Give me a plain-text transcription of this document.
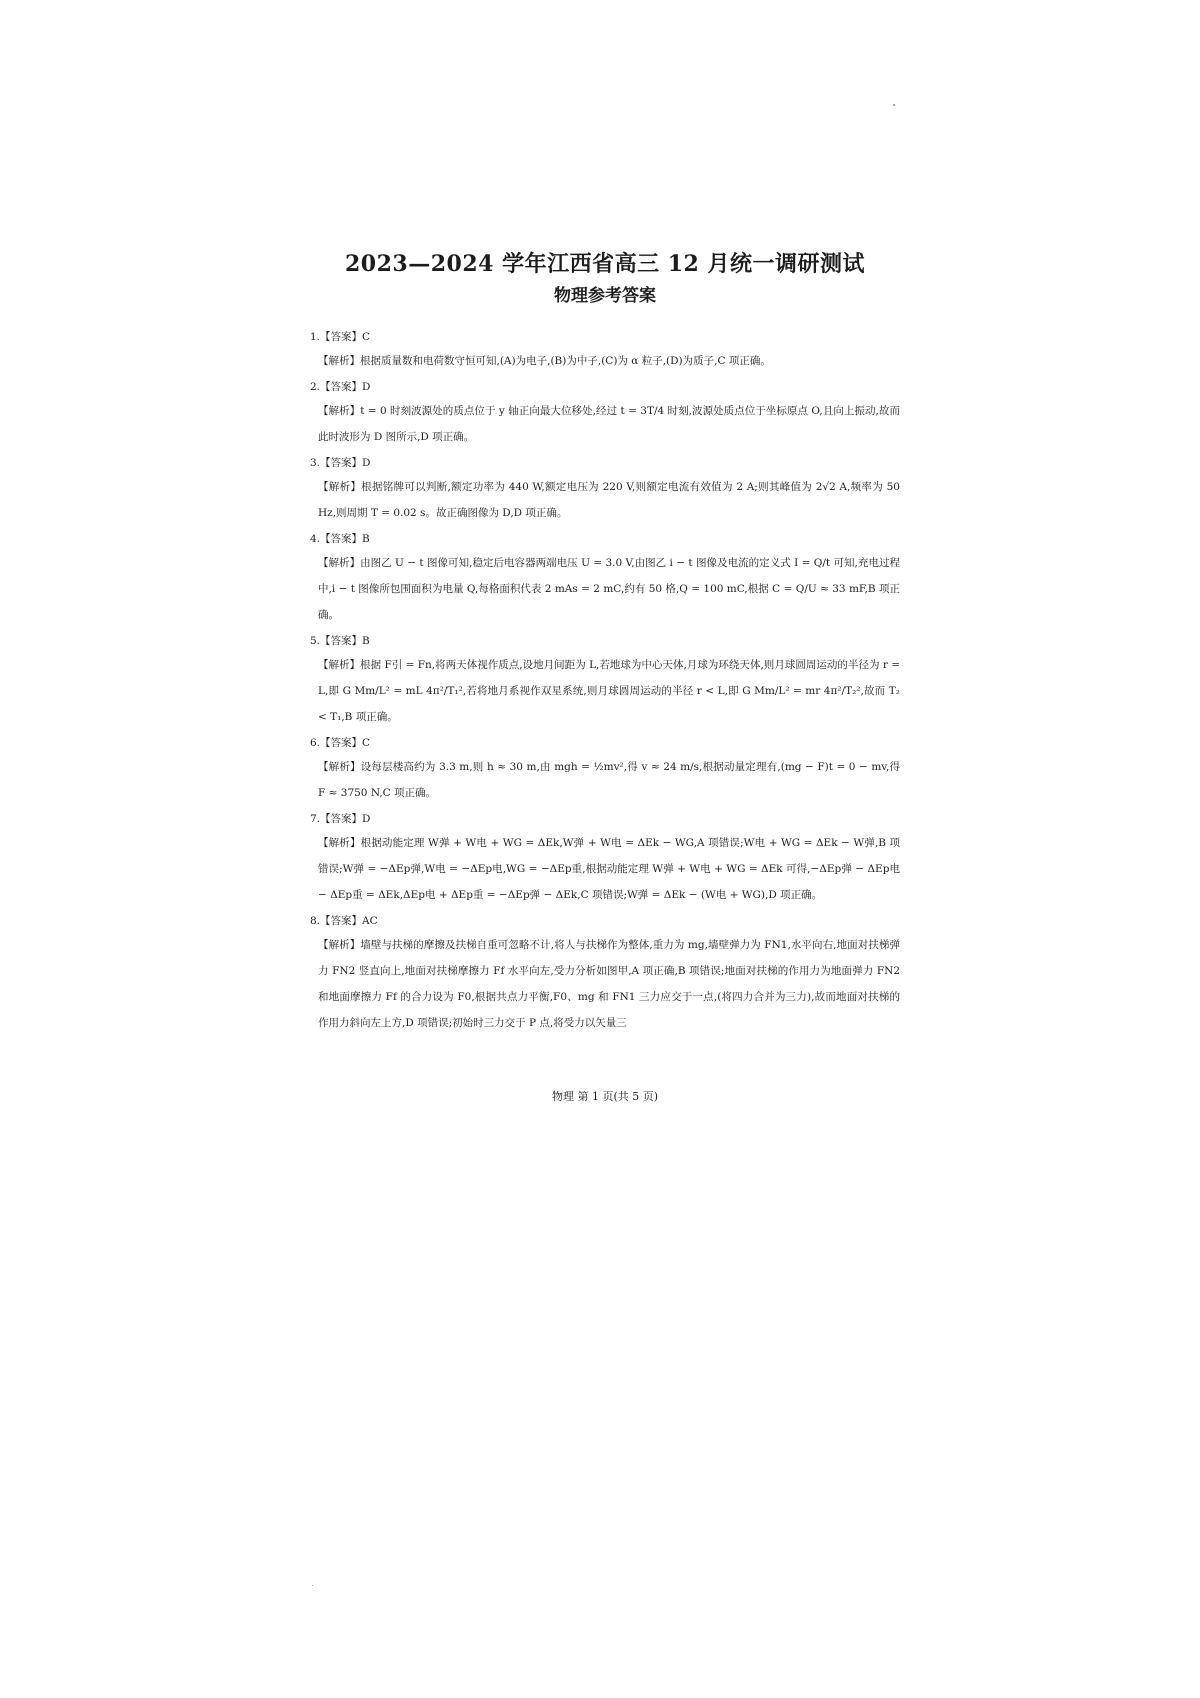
2023—2024 学年江西省高三 12 月统一调研测试
物理参考答案

1.【答案】C

【解析】根据质量数和电荷数守恒可知,(A)为电子,(B)为中子,(C)为 α 粒子,(D)为质子,C 项正确。

2.【答案】D

【解析】t = 0 时刻波源处的质点位于 y 轴正向最大位移处,经过 t = 3T/4 时刻,波源处质点位于坐标原点 O,且向上振动,故而此时波形为 D 图所示,D 项正确。

3.【答案】D

【解析】根据铭牌可以判断,额定功率为 440 W,额定电压为 220 V,则额定电流有效值为 2 A;则其峰值为 2√2 A,频率为 50 Hz,则周期 T = 0.02 s。故正确图像为 D,D 项正确。

4.【答案】B

【解析】由图乙 U − t 图像可知,稳定后电容器两端电压 U = 3.0 V,由图乙 i − t 图像及电流的定义式 I = Q/t 可知,充电过程中,i − t 图像所包围面积为电量 Q,每格面积代表 2 mAs = 2 mC,约有 50 格,Q = 100 mC,根据 C = Q/U ≈ 33 mF,B 项正确。

5.【答案】B

【解析】根据 F引 = Fn,将两天体视作质点,设地月间距为 L,若地球为中心天体,月球为环绕天体,则月球圆周运动的半径为 r = L,即 G Mm/L² = mL 4π²/T₁²,若将地月系视作双星系统,则月球圆周运动的半径 r < L,即 G Mm/L² = mr 4π²/T₂²,故而 T₂ < T₁,B 项正确。

6.【答案】C

【解析】设每层楼高约为 3.3 m,则 h ≈ 30 m,由 mgh = ½mv²,得 v ≈ 24 m/s,根据动量定理有,(mg − F)t = 0 − mv,得 F ≈ 3750 N,C 项正确。

7.【答案】D

【解析】根据动能定理 W弹 + W电 + WG = ΔEk,W弹 + W电 = ΔEk − WG,A 项错误;W电 + WG = ΔEk − W弹,B 项错误;W弹 = −ΔEp弹,W电 = −ΔEp电,WG = −ΔEp重,根据动能定理 W弹 + W电 + WG = ΔEk 可得,−ΔEp弹 − ΔEp电 − ΔEp重 = ΔEk,ΔEp电 + ΔEp重 = −ΔEp弹 − ΔEk,C 项错误;W弹 = ΔEk − (W电 + WG),D 项正确。

8.【答案】AC

【解析】墙壁与扶梯的摩擦及扶梯自重可忽略不计,将人与扶梯作为整体,重力为 mg,墙壁弹力为 FN1,水平向右,地面对扶梯弹力 FN2 竖直向上,地面对扶梯摩擦力 Ff 水平向左,受力分析如图甲,A 项正确,B 项错误;地面对扶梯的作用力为地面弹力 FN2 和地面摩擦力 Ff 的合力设为 F0,根据共点力平衡,F0、mg 和 FN1 三力应交于一点,(将四力合并为三力),故而地面对扶梯的作用力斜向左上方,D 项错误;初始时三力交于 P 点,将受力以矢量三

物理 第 1 页(共 5 页)
